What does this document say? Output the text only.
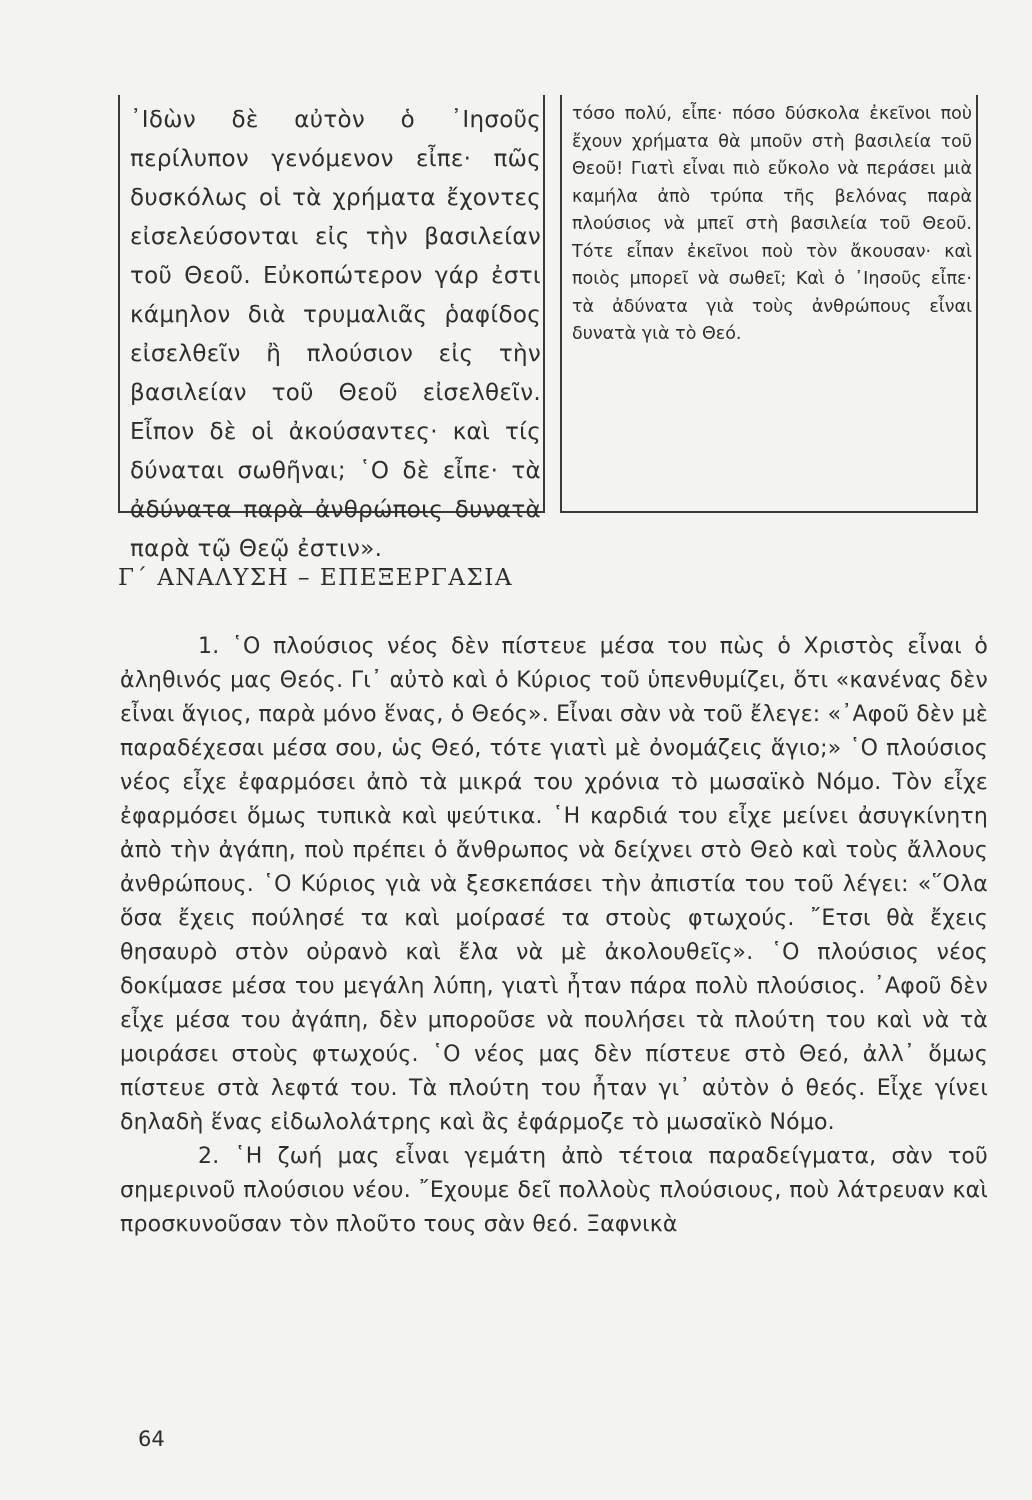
᾿Ιδὼν δὲ αὐτὸν ὁ ᾿Ιησοῦς περίλυπον γενόμενον εἶπε· πῶς δυσκόλως οἱ τὰ χρήματα ἔχοντες εἰσελεύσονται εἰς τὴν βασιλείαν τοῦ Θεοῦ. Εὐκοπώτερον γάρ ἐστι κάμηλον διὰ τρυμαλιᾶς ῥαφίδος εἰσελθεῖν ἢ πλούσιον εἰς τὴν βασιλείαν τοῦ Θεοῦ εἰσελθεῖν. Εἶπον δὲ οἱ ἀκούσαντες· καὶ τίς δύναται σωθῆναι; ῾Ο δὲ εἶπε· τὰ ἀδύνατα παρὰ ἀνθρώποις δυνατὰ παρὰ τῷ Θεῷ ἐστιν».

τόσο πολύ, εἶπε· πόσο δύσκολα ἐκεῖνοι ποὺ ἔχουν χρήματα θὰ μποῦν στὴ βασιλεία τοῦ Θεοῦ! Γιατὶ εἶναι πιὸ εὔκολο νὰ περάσει μιὰ καμήλα ἀπὸ τρύπα τῆς βελόνας παρὰ πλούσιος νὰ μπεῖ στὴ βασιλεία τοῦ Θεοῦ. Τότε εἶπαν ἐκεῖνοι ποὺ τὸν ἄκουσαν· καὶ ποιὸς μπορεῖ νὰ σωθεῖ; Καὶ ὁ ᾿Ιησοῦς εἶπε· τὰ ἀδύνατα γιὰ τοὺς ἀνθρώπους εἶναι δυνατὰ γιὰ τὸ Θεό.

Γ΄ ΑΝΑΛΥΣΗ – ΕΠΕΞΕΡΓΑΣΙΑ

1. ῾Ο πλούσιος νέος δὲν πίστευε μέσα του πὼς ὁ Χριστὸς εἶναι ὁ ἀληθινός μας Θεός. Γι᾿ αὐτὸ καὶ ὁ Κύριος τοῦ ὑπενθυμίζει, ὅτι «κανένας δὲν εἶναι ἅγιος, παρὰ μόνο ἕνας, ὁ Θεός». Εἶναι σὰν νὰ τοῦ ἔλεγε: «᾿Αφοῦ δὲν μὲ παραδέχεσαι μέσα σου, ὡς Θεό, τότε γιατὶ μὲ ὀνομάζεις ἅγιο;» ῾Ο πλούσιος νέος εἶχε ἐφαρμόσει ἀπὸ τὰ μικρά του χρόνια τὸ μωσαϊκὸ Νόμο. Τὸν εἶχε ἐφαρμόσει ὅμως τυπικὰ καὶ ψεύτικα. ῾Η καρδιά του εἶχε μείνει ἀσυγκίνητη ἀπὸ τὴν ἀγάπη, ποὺ πρέπει ὁ ἄνθρωπος νὰ δείχνει στὸ Θεὸ καὶ τοὺς ἄλλους ἀνθρώπους. ῾Ο Κύριος γιὰ νὰ ξεσκεπάσει τὴν ἀπιστία του τοῦ λέγει: «῞Ολα ὅσα ἔχεις πούλησέ τα καὶ μοίρασέ τα στοὺς φτωχούς. ῎Ετσι θὰ ἔχεις θησαυρὸ στὸν οὐρανὸ καὶ ἔλα νὰ μὲ ἀκολουθεῖς». ῾Ο πλούσιος νέος δοκίμασε μέσα του μεγάλη λύπη, γιατὶ ἦταν πάρα πολὺ πλούσιος. ᾿Αφοῦ δὲν εἶχε μέσα του ἀγάπη, δὲν μποροῦσε νὰ πουλήσει τὰ πλούτη του καὶ νὰ τὰ μοιράσει στοὺς φτωχούς. ῾Ο νέος μας δὲν πίστευε στὸ Θεό, ἀλλ᾿ ὅμως πίστευε στὰ λεφτά του. Τὰ πλούτη του ἦταν γι᾿ αὐτὸν ὁ θεός. Εἶχε γίνει δηλαδὴ ἕνας εἰδωλολάτρης καὶ ἂς ἐφάρμοζε τὸ μωσαϊκὸ Νόμο.

2. ῾Η ζωή μας εἶναι γεμάτη ἀπὸ τέτοια παραδείγματα, σὰν τοῦ σημερινοῦ πλούσιου νέου. ῎Εχουμε δεῖ πολλοὺς πλούσιους, ποὺ λάτρευαν καὶ προσκυνοῦσαν τὸν πλοῦτο τους σὰν θεό. Ξαφνικὰ

64
